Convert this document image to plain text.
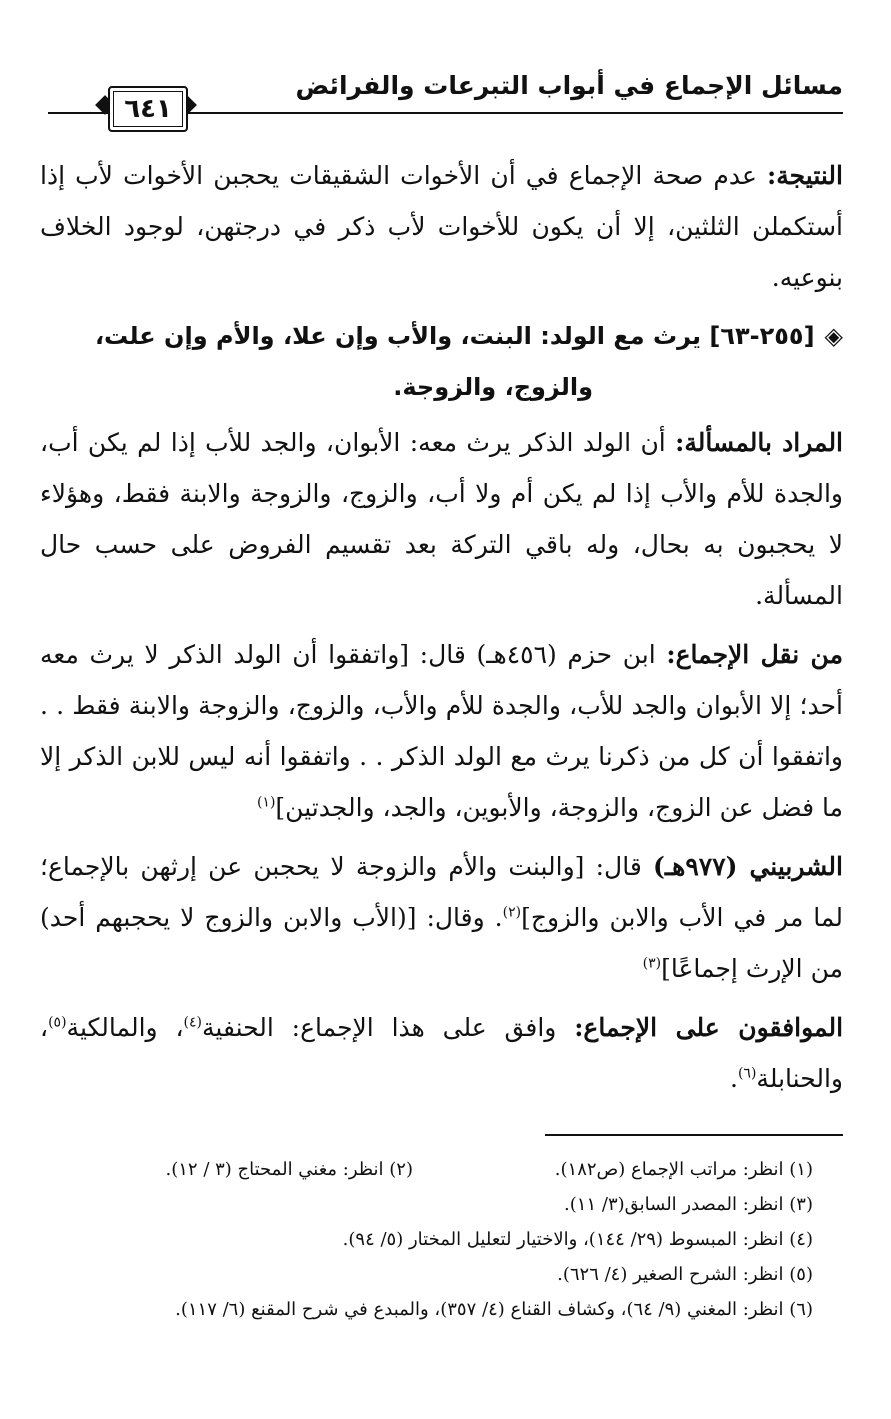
مسائل الإجماع في أبواب التبرعات والفرائض
٦٤١

النتيجة: عدم صحة الإجماع في أن الأخوات الشقيقات يحجبن الأخوات لأب إذا أستكملن الثلثين، إلا أن يكون للأخوات لأب ذكر في درجتهن، لوجود الخلاف بنوعيه.

◈[٢٥٥-٦٣] يرث مع الولد: البنت، والأب وإن علا، والأم وإن علت،
والزوج، والزوجة.

المراد بالمسألة: أن الولد الذكر يرث معه: الأبوان، والجد للأب إذا لم يكن أب، والجدة للأم والأب إذا لم يكن أم ولا أب، والزوج، والزوجة والابنة فقط، وهؤلاء لا يحجبون به بحال، وله باقي التركة بعد تقسيم الفروض على حسب حال المسألة.

من نقل الإجماع: ابن حزم (٤٥٦هـ) قال: [واتفقوا أن الولد الذكر لا يرث معه أحد؛ إلا الأبوان والجد للأب، والجدة للأم والأب، والزوج، والزوجة والابنة فقط . . واتفقوا أن كل من ذكرنا يرث مع الولد الذكر . . واتفقوا أنه ليس للابن الذكر إلا ما فضل عن الزوج، والزوجة، والأبوين، والجد، والجدتين]$^{(١)}$

الشربيني (٩٧٧هـ) قال: [والبنت والأم والزوجة لا يحجبن عن إرثهن بالإجماع؛ لما مر في الأب والابن والزوج]$^{(٢)}$. وقال: [(الأب والابن والزوج لا يحجبهم أحد) من الإرث إجماعًا]$^{(٣)}$

الموافقون على الإجماع: وافق على هذا الإجماع: الحنفية$^{(٤)}$، والمالكية$^{(٥)}$، والحنابلة$^{(٦)}$.

(١) انظر: مراتب الإجماع (ص١٨٢).
(٢) انظر: مغني المحتاج (٣ / ١٢).
(٣) انظر: المصدر السابق(٣/ ١١).
(٤) انظر: المبسوط (٢٩/ ١٤٤)، والاختيار لتعليل المختار (٥/ ٩٤).
(٥) انظر: الشرح الصغير (٤/ ٦٢٦).
(٦) انظر: المغني (٩/ ٦٤)، وكشاف القناع (٤/ ٣٥٧)، والمبدع في شرح المقنع (٦/ ١١٧).
